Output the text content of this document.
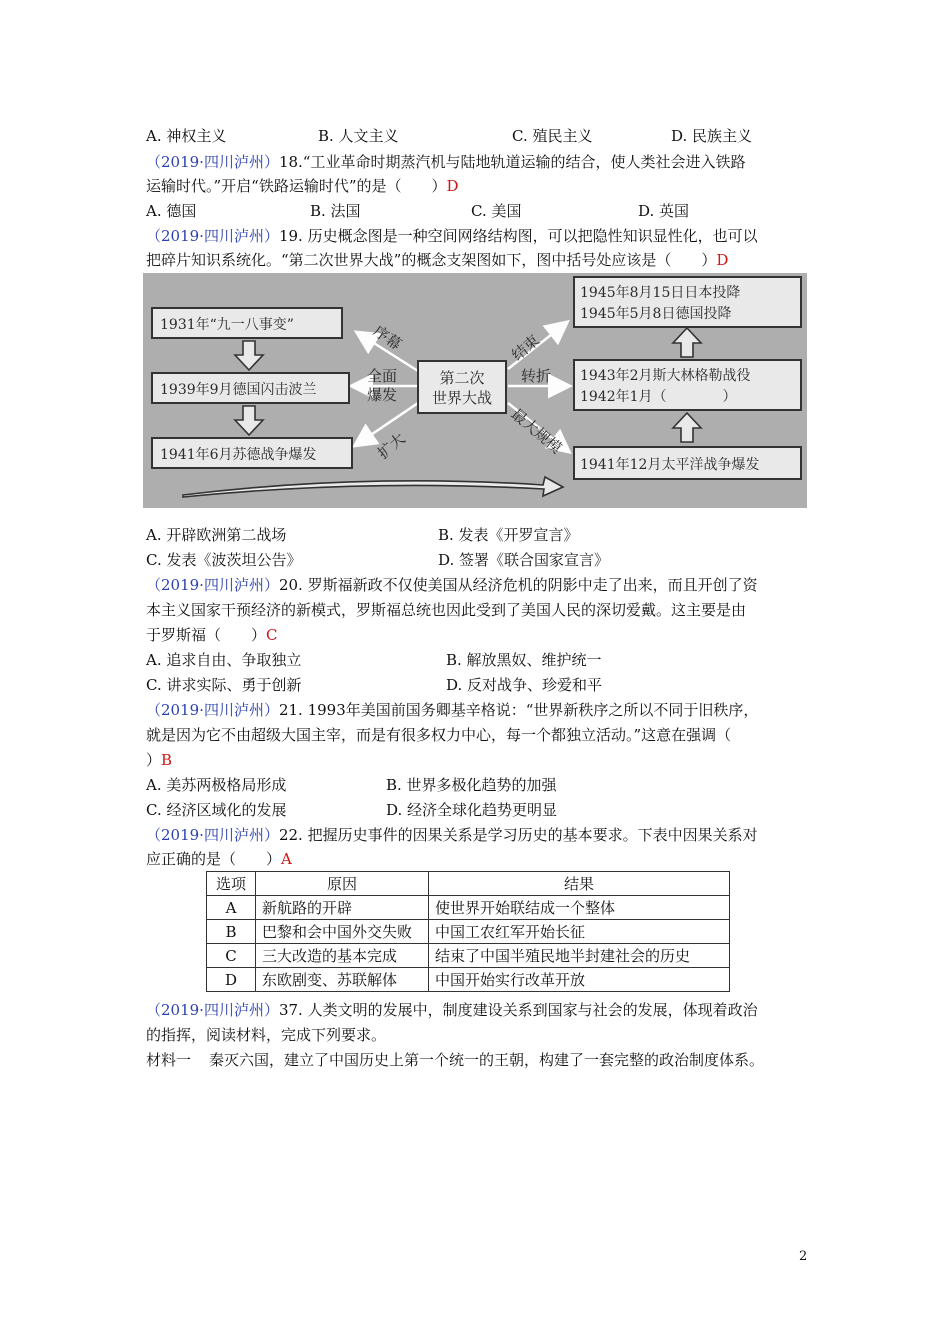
A. 神权主义	B. 人文主义	C. 殖民主义	D. 民族主义
（2019·四川泸州）18.“工业革命时期蒸汽机与陆地轨道运输的结合，使人类社会进入铁路
运输时代。”开启“铁路运输时代”的是（　　）D
A. 德国	B. 法国	C. 美国	D. 英国
（2019·四川泸州）19. 历史概念图是一种空间网络结构图，可以把隐性知识显性化，也可以
把碎片知识系统化。“第二次世界大战”的概念支架图如下，图中括号处应该是（　　）D
1931年“九一八事变”
1939年9月德国闪击波兰
1941年6月苏德战争爆发
第二次
世界大战
1945年8月15日日本投降
1945年5月8日德国投降
1943年2月斯大林格勒战役
1942年1月（　　　　）
1941年12月太平洋战争爆发
序幕
全面
爆发
扩大
结束
转折
最大规模
A. 开辟欧洲第二战场	B. 发表《开罗宣言》
C. 发表《波茨坦公告》	D. 签署《联合国家宣言》
（2019·四川泸州）20. 罗斯福新政不仅使美国从经济危机的阴影中走了出来，而且开创了资
本主义国家干预经济的新模式，罗斯福总统也因此受到了美国人民的深切爱戴。这主要是由
于罗斯福（　　）C
A. 追求自由、争取独立	B. 解放黑奴、维护统一
C. 讲求实际、勇于创新	D. 反对战争、珍爱和平
（2019·四川泸州）21. 1993年美国前国务卿基辛格说：“世界新秩序之所以不同于旧秩序，
就是因为它不由超级大国主宰，而是有很多权力中心，每一个都独立活动。”这意在强调（
）B
A. 美苏两极格局形成	B. 世界多极化趋势的加强
C. 经济区域化的发展	D. 经济全球化趋势更明显
（2019·四川泸州）22. 把握历史事件的因果关系是学习历史的基本要求。下表中因果关系对
应正确的是（　　）A
选项	原因	结果
A	新航路的开辟	使世界开始联结成一个整体
B	巴黎和会中国外交失败	中国工农红军开始长征
C	三大改造的基本完成	结束了中国半殖民地半封建社会的历史
D	东欧剧变、苏联解体	中国开始实行改革开放
（2019·四川泸州）37. 人类文明的发展中，制度建设关系到国家与社会的发展，体现着政治
的指挥，阅读材料，完成下列要求。
材料一 秦灭六国，建立了中国历史上第一个统一的王朝，构建了一套完整的政治制度体系。
2
